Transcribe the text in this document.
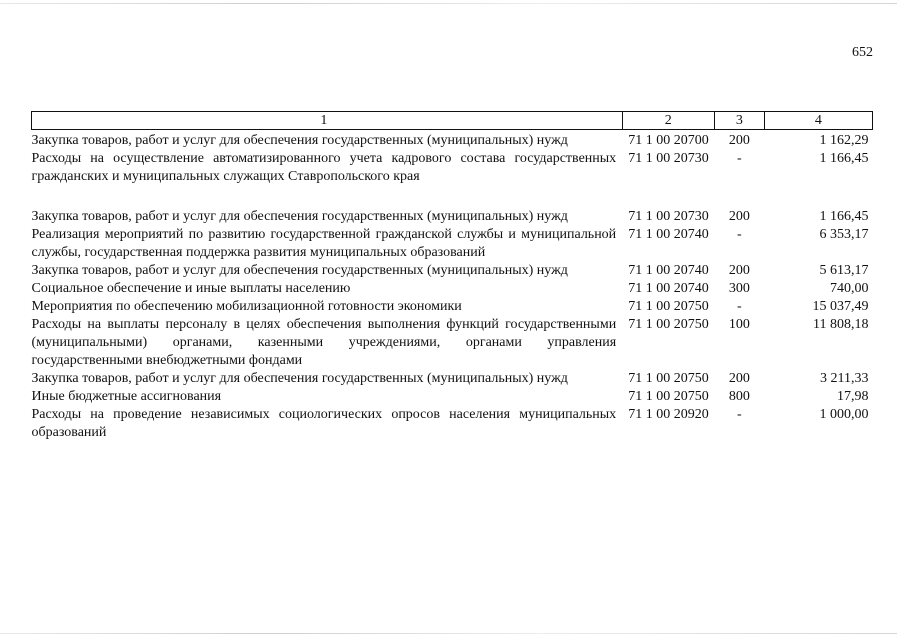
652
1	2	3	4
Закупка товаров, работ и услуг для обеспечения государственных (муниципальных) нужд	71 1 00 20700	200	1 162,29
Расходы на осуществление автоматизированного учета кадрового состава государственных гражданских и муниципальных служащих Ставропольского края	71 1 00 20730	-	1 166,45
Закупка товаров, работ и услуг для обеспечения государственных (муниципальных) нужд	71 1 00 20730	200	1 166,45
Реализация мероприятий по развитию государственной гражданской службы и муниципальной службы, государственная поддержка развития муниципальных образований	71 1 00 20740	-	6 353,17
Закупка товаров, работ и услуг для обеспечения государственных (муниципальных) нужд	71 1 00 20740	200	5 613,17
Социальное обеспечение и иные выплаты населению	71 1 00 20740	300	740,00
Мероприятия по обеспечению мобилизационной готовности экономики	71 1 00 20750	-	15 037,49
Расходы на выплаты персоналу в целях обеспечения выполнения функций государственными (муниципальными) органами, казенными учреждениями, органами управления государственными внебюджетными фондами	71 1 00 20750	100	11 808,18
Закупка товаров, работ и услуг для обеспечения государственных (муниципальных) нужд	71 1 00 20750	200	3 211,33
Иные бюджетные ассигнования	71 1 00 20750	800	17,98
Расходы на проведение независимых социологических опросов населения муниципальных образований	71 1 00 20920	-	1 000,00
